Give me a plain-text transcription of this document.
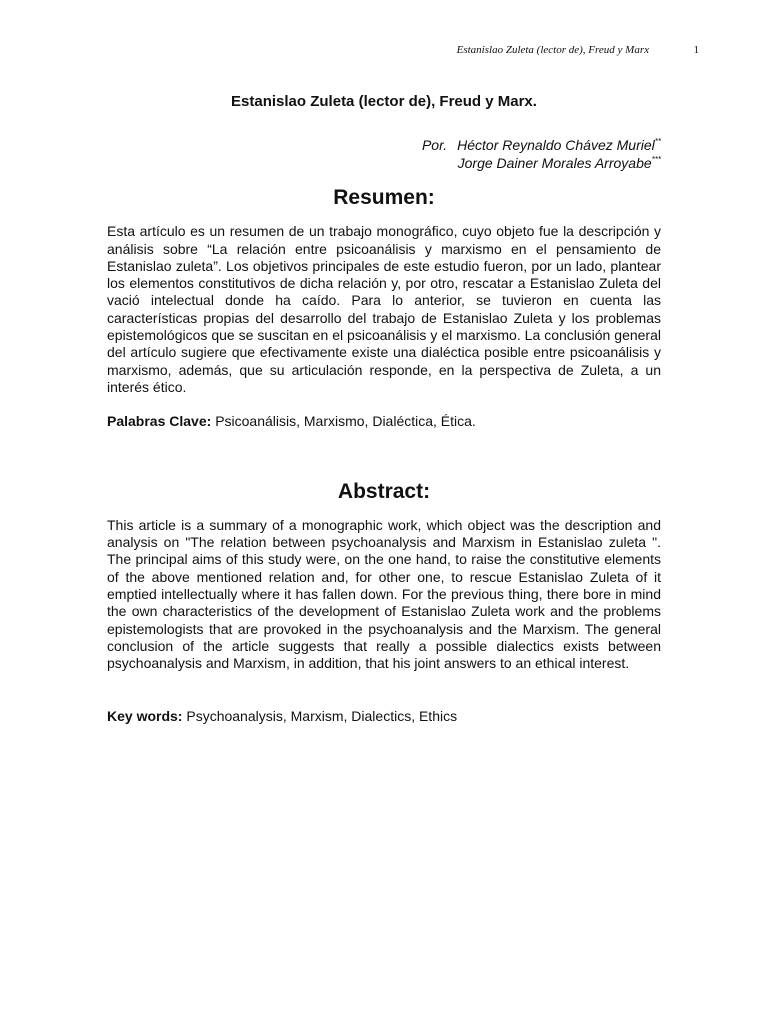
Estanislao Zuleta (lector de), Freud y Marx	1
Estanislao Zuleta (lector de), Freud y Marx.
Por. Héctor Reynaldo Chávez Muriel**
Jorge Dainer Morales Arroyabe***
Resumen:

Esta artículo es un resumen de un trabajo monográfico, cuyo objeto fue la descripción y análisis sobre “La relación entre psicoanálisis y marxismo en el pensamiento de Estanislao zuleta”. Los objetivos principales de este estudio fueron, por un lado, plantear los elementos constitutivos de dicha relación y, por otro, rescatar a Estanislao Zuleta del vació intelectual donde ha caído. Para lo anterior, se tuvieron en cuenta las características propias del desarrollo del trabajo de Estanislao Zuleta y los problemas epistemológicos que se suscitan en el psicoanálisis y el marxismo. La conclusión general del artículo sugiere que efectivamente existe una dialéctica posible entre psicoanálisis y marxismo, además, que su articulación responde, en la perspectiva de Zuleta, a un interés ético.

Palabras Clave: Psicoanálisis, Marxismo, Dialéctica, Ética.

Abstract:

This article is a summary of a monographic work, which object was the description and analysis on "The relation between psychoanalysis and Marxism in Estanislao zuleta ". The principal aims of this study were, on the one hand, to raise the constitutive elements of the above mentioned relation and, for other one, to rescue Estanislao Zuleta of it emptied intellectually where it has fallen down. For the previous thing, there bore in mind the own characteristics of the development of Estanislao Zuleta work and the problems epistemologists that are provoked in the psychoanalysis and the Marxism. The general conclusion of the article suggests that really a possible dialectics exists between psychoanalysis and Marxism, in addition, that his joint answers to an ethical interest.

Key words: Psychoanalysis, Marxism, Dialectics, Ethics
